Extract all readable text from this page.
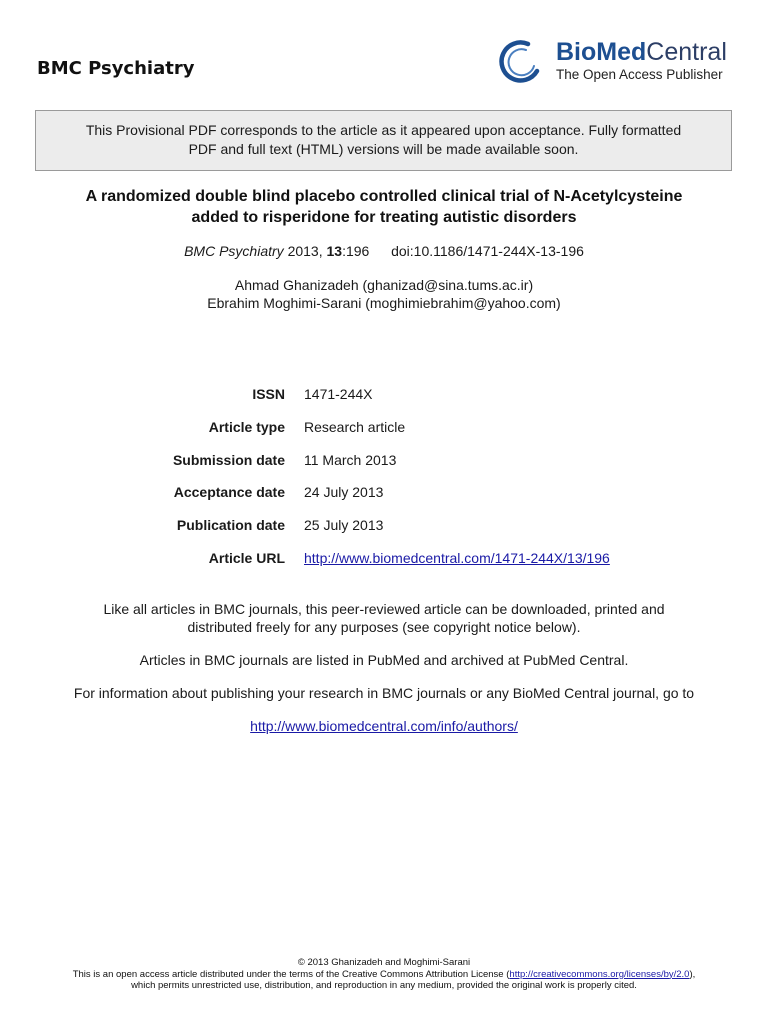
BMC Psychiatry
BioMedCentral
The Open Access Publisher
This Provisional PDF corresponds to the article as it appeared upon acceptance. Fully formatted
PDF and full text (HTML) versions will be made available soon.
A randomized double blind placebo controlled clinical trial of N-Acetylcysteine
added to risperidone for treating autistic disorders
BMC Psychiatry 2013, 13:196 doi:10.1186/1471-244X-13-196
Ahmad Ghanizadeh (ghanizad@sina.tums.ac.ir)
Ebrahim Moghimi-Sarani (moghimiebrahim@yahoo.com)
ISSN 1471-244X
Article type Research article
Submission date 11 March 2013
Acceptance date 24 July 2013
Publication date 25 July 2013
Article URL http://www.biomedcentral.com/1471-244X/13/196
Like all articles in BMC journals, this peer-reviewed article can be downloaded, printed and
distributed freely for any purposes (see copyright notice below).
Articles in BMC journals are listed in PubMed and archived at PubMed Central.
For information about publishing your research in BMC journals or any BioMed Central journal, go to
http://www.biomedcentral.com/info/authors/
© 2013 Ghanizadeh and Moghimi-Sarani
This is an open access article distributed under the terms of the Creative Commons Attribution License (http://creativecommons.org/licenses/by/2.0),
which permits unrestricted use, distribution, and reproduction in any medium, provided the original work is properly cited.
